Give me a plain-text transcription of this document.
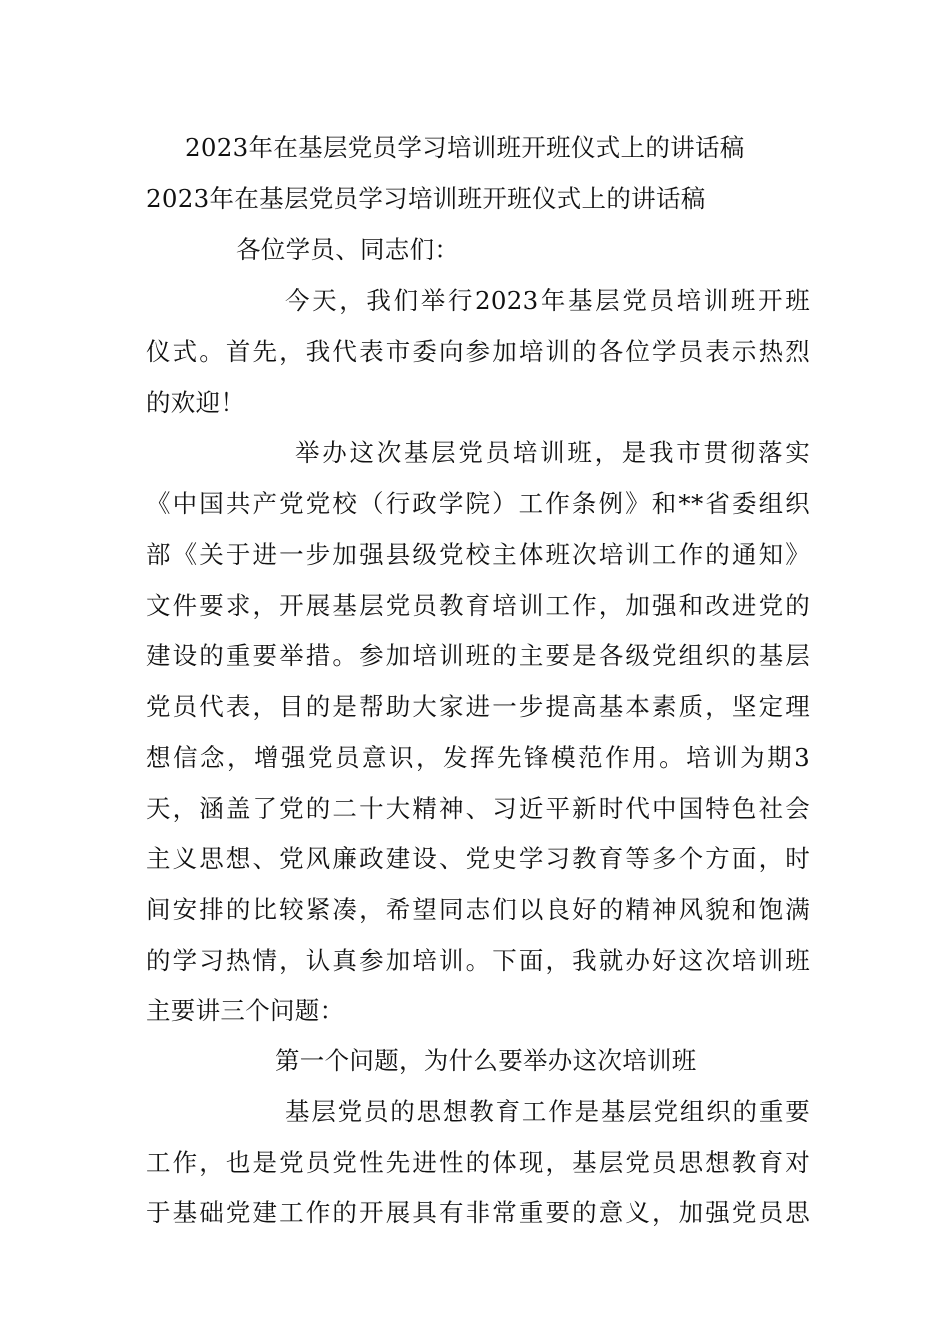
2023年在基层党员学习培训班开班仪式上的讲话稿
2023年在基层党员学习培训班开班仪式上的讲话稿
各位学员、同志们：
今天，我们举行2023年基层党员培训班开班
仪式。首先，我代表市委向参加培训的各位学员表示热烈
的欢迎！
举办这次基层党员培训班，是我市贯彻落实
《中国共产党党校（行政学院）工作条例》和**省委组织
部《关于进一步加强县级党校主体班次培训工作的通知》
文件要求，开展基层党员教育培训工作，加强和改进党的
建设的重要举措。参加培训班的主要是各级党组织的基层
党员代表，目的是帮助大家进一步提高基本素质，坚定理
想信念，增强党员意识，发挥先锋模范作用。培训为期3
天，涵盖了党的二十大精神、习近平新时代中国特色社会
主义思想、党风廉政建设、党史学习教育等多个方面，时
间安排的比较紧凑，希望同志们以良好的精神风貌和饱满
的学习热情，认真参加培训。下面，我就办好这次培训班
主要讲三个问题：
第一个问题，为什么要举办这次培训班
基层党员的思想教育工作是基层党组织的重要
工作，也是党员党性先进性的体现，基层党员思想教育对
于基础党建工作的开展具有非常重要的意义，加强党员思
